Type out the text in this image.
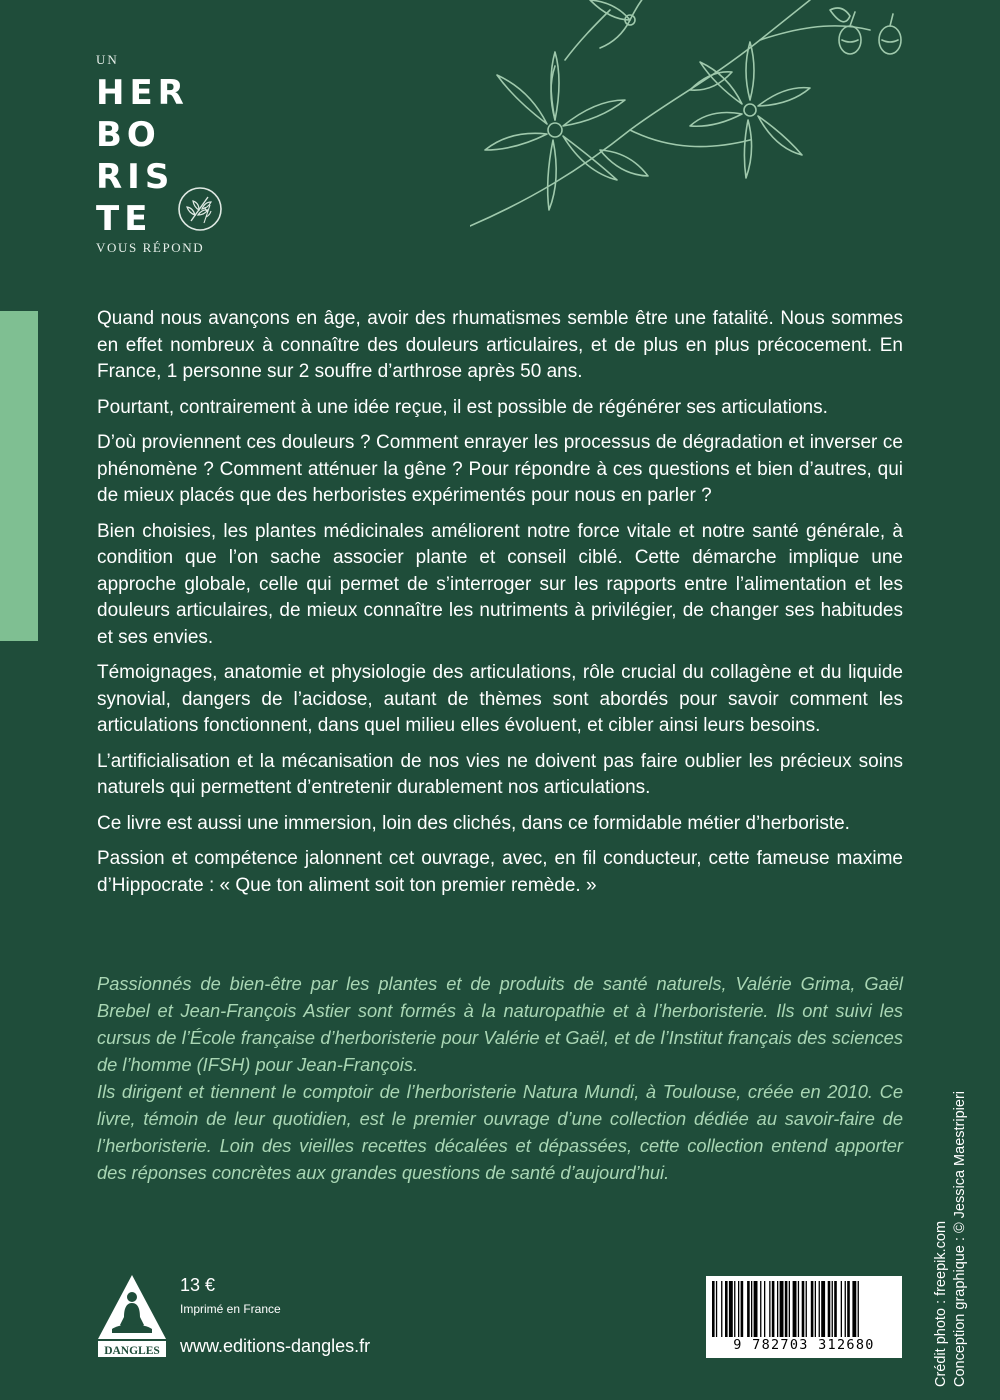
UN
HER
BO
RIS
TE
VOUS RÉPOND

Quand nous avançons en âge, avoir des rhumatismes semble être une fatalité. Nous sommes en effet nombreux à connaître des douleurs articulaires, et de plus en plus précocement. En France, 1 personne sur 2 souffre d’arthrose après 50 ans.

Pourtant, contrairement à une idée reçue, il est possible de régénérer ses articulations.

D’où proviennent ces douleurs ? Comment enrayer les processus de dégradation et inverser ce phénomène ? Comment atténuer la gêne ? Pour répondre à ces questions et bien d’autres, qui de mieux placés que des herboristes expérimentés pour nous en parler ?

Bien choisies, les plantes médicinales améliorent notre force vitale et notre santé générale, à condition que l’on sache associer plante et conseil ciblé. Cette démarche implique une approche globale, celle qui permet de s’interroger sur les rapports entre l’alimentation et les douleurs articulaires, de mieux connaître les nutriments à privilégier, de changer ses habitudes et ses envies.

Témoignages, anatomie et physiologie des articulations, rôle crucial du collagène et du liquide synovial, dangers de l’acidose, autant de thèmes sont abordés pour savoir comment les articulations fonctionnent, dans quel milieu elles évoluent, et cibler ainsi leurs besoins.

L’artificialisation et la mécanisation de nos vies ne doivent pas faire oublier les précieux soins naturels qui permettent d’entretenir durablement nos articulations.

Ce livre est aussi une immersion, loin des clichés, dans ce formidable métier d’herboriste.

Passion et compétence jalonnent cet ouvrage, avec, en fil conducteur, cette fameuse maxime d’Hippocrate : « Que ton aliment soit ton premier remède. »

Passionnés de bien-être par les plantes et de produits de santé naturels, Valérie Grima, Gaël Brebel et Jean-François Astier sont formés à la naturopathie et à l’herboristerie. Ils ont suivi les cursus de l’École française d’herboristerie pour Valérie et Gaël, et de l’Institut français des sciences de l’homme (IFSH) pour Jean-François.

Ils dirigent et tiennent le comptoir de l’herboristerie Natura Mundi, à Toulouse, créée en 2010. Ce livre, témoin de leur quotidien, est le premier ouvrage d’une collection dédiée au savoir-faire de l’herboristerie. Loin des vieilles recettes décalées et dépassées, cette collection entend apporter des réponses concrètes aux grandes questions de santé d’aujourd’hui.

Crédit photo : freepik.com Conception graphique : © Jessica Maestripieri
DANGLES
13 €
Imprimé en France
www.editions-dangles.fr	9 782703 312680
